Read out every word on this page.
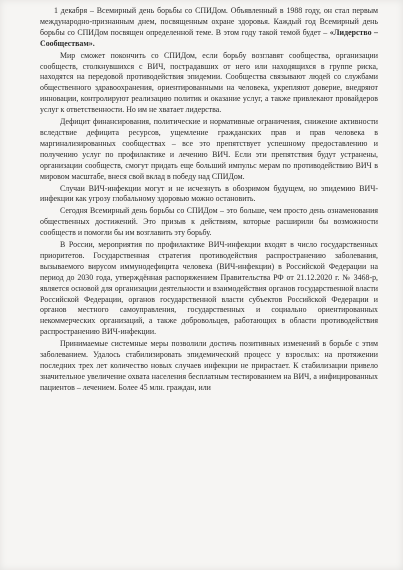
1 декабря – Всемирный день борьбы со СПИДом. Объявленный в 1988 году, он стал первым международно-признанным днем, посвященным охране здоровья. Каждый год Всемирный день борьбы со СПИДом посвящен определенной теме. В этом году такой темой будет – «Лидерство – Сообществам».

Мир сможет покончить со СПИДом, если борьбу возглавят сообщества, организации сообществ, столкнувшихся с ВИЧ, пострадавших от него или находящихся в группе риска, находятся на передовой противодействия эпидемии. Сообщества связывают людей со службами общественного здравоохранения, ориентированными на человека, укрепляют доверие, внедряют инновации, контролируют реализацию политик и оказание услуг, а также привлекают провайдеров услуг к ответственности. Но им не хватает лидерства.

Дефицит финансирования, политические и нормативные ограничения, снижение активности вследствие дефицита ресурсов, ущемление гражданских прав и прав человека в маргинализированных сообществах – все это препятствует успешному предоставлению и получению услуг по профилактике и лечению ВИЧ. Если эти препятствия будут устранены, организации сообществ, смогут придать еще больший импульс мерам по противодействию ВИЧ в мировом масштабе, внеся свой вклад в победу над СПИДом.

Случаи ВИЧ-инфекции могут и не исчезнуть в обозримом будущем, но эпидемию ВИЧ-инфекции как угрозу глобальному здоровью можно остановить.

Сегодня Всемирный день борьбы со СПИДом – это больше, чем просто день ознаменования общественных достижений. Это призыв к действиям, которые расширили бы возможности сообществ и помогли бы им возглавить эту борьбу.

В России, мероприятия по профилактике ВИЧ-инфекции входят в число государственных приоритетов. Государственная стратегия противодействия распространению заболевания, вызываемого вирусом иммунодефицита человека (ВИЧ-инфекции) в Российской Федерации на период до 2030 года, утверждённая распоряжением Правительства РФ от 21.12.2020 г. № 3468-р, является основой для организации деятельности и взаимодействия органов государственной власти Российской Федерации, органов государственной власти субъектов Российской Федерации и органов местного самоуправления, государственных и социально ориентированных некоммерческих организаций, а также добровольцев, работающих в области противодействия распространению ВИЧ-инфекции.

Принимаемые системные меры позволили достичь позитивных изменений в борьбе с этим заболеванием. Удалось стабилизировать эпидемический процесс у взрослых: на протяжении последних трех лет количество новых случаев инфекции не прирастает. К стабилизации привело значительное увеличение охвата населения бесплатным тестированием на ВИЧ, а инфицированных пациентов – лечением. Более 45 млн. граждан, или
